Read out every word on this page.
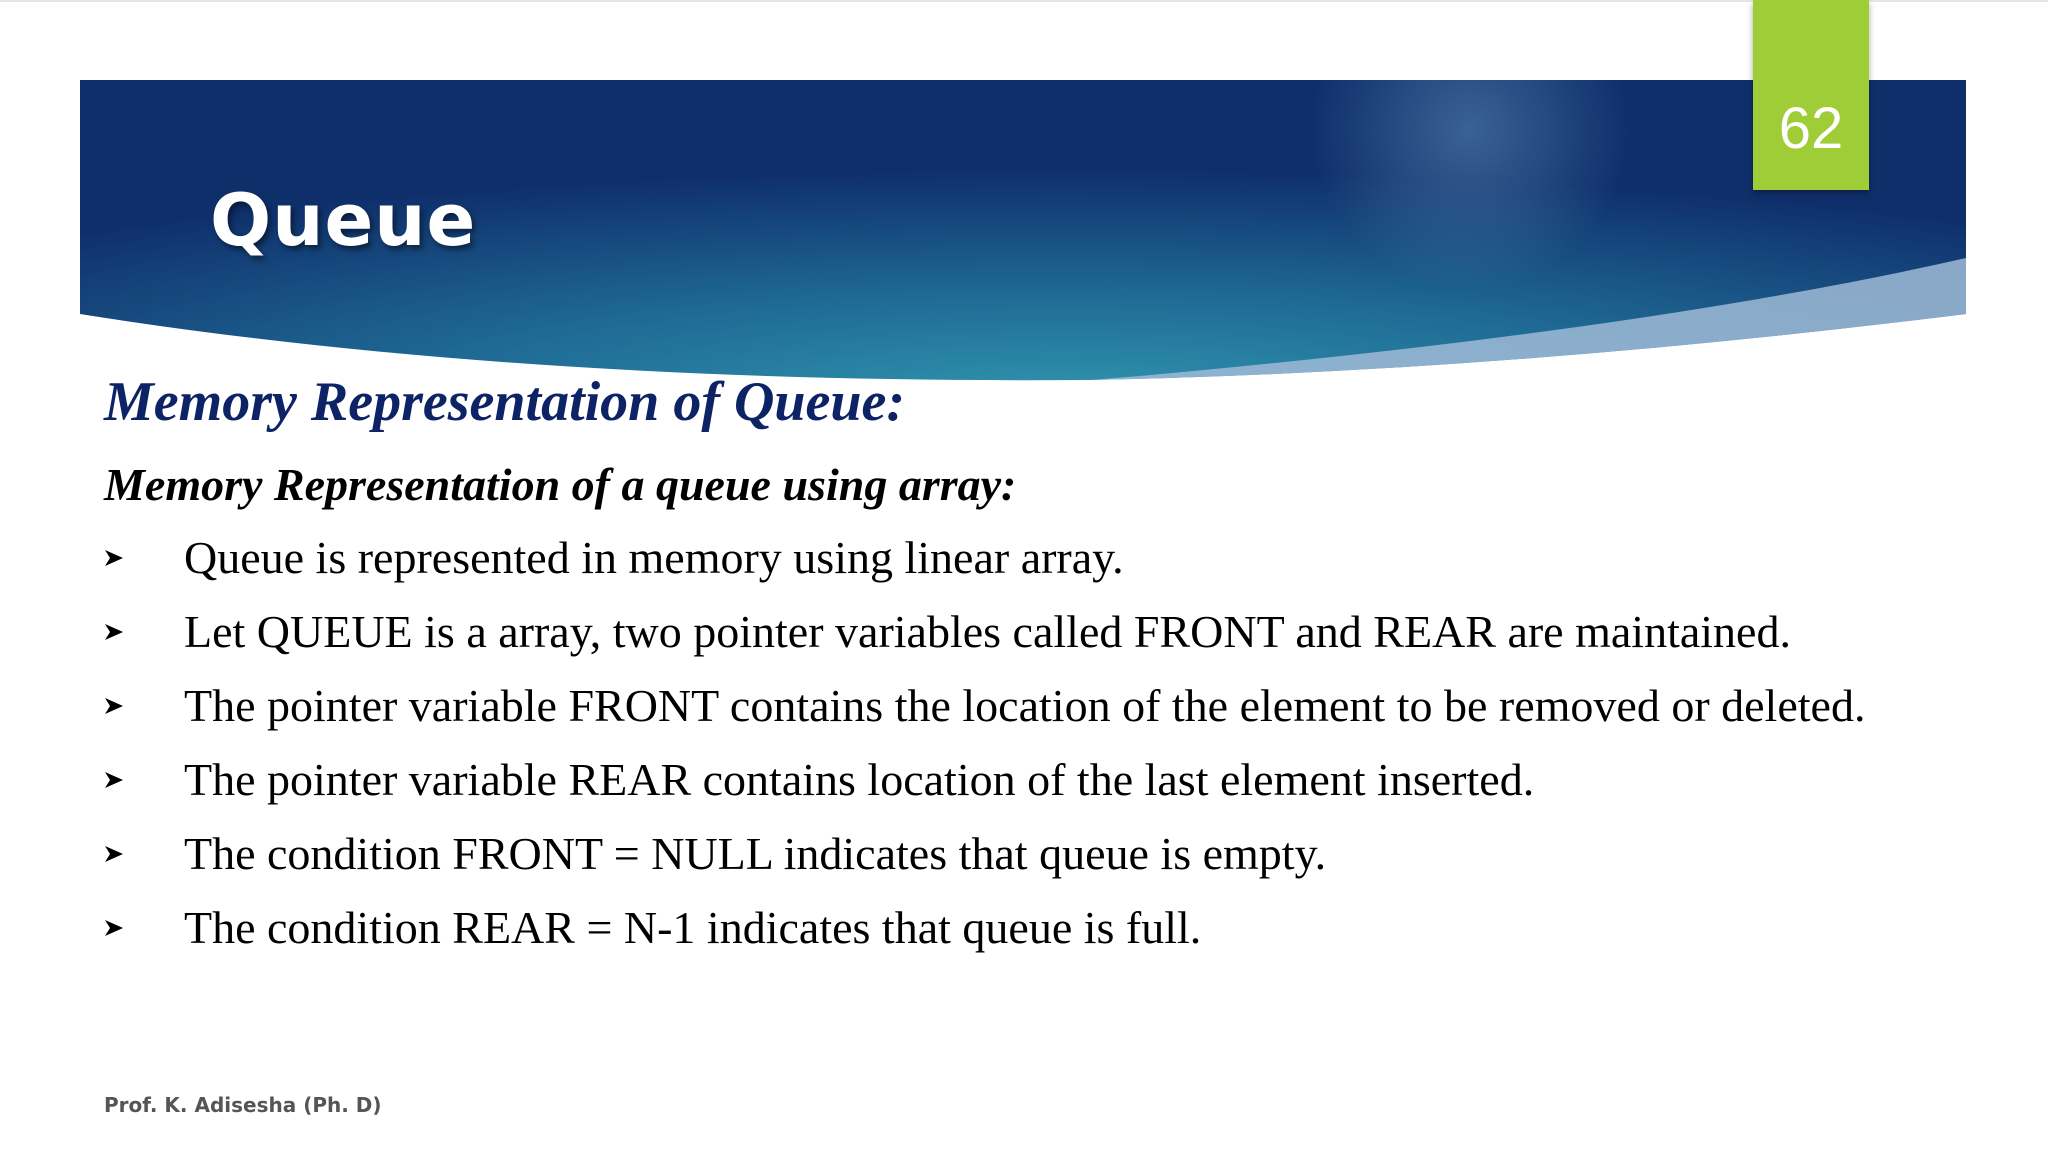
Queue
62
Memory Representation of Queue:
Memory Representation of a queue using array:
Queue is represented in memory using linear array.
Let QUEUE is a array, two pointer variables called FRONT and REAR are maintained.
The pointer variable FRONT contains the location of the element to be removed or deleted.
The pointer variable REAR contains location of the last element inserted.
The condition FRONT = NULL indicates that queue is empty.
The condition REAR = N-1 indicates that queue is full.
Prof. K. Adisesha (Ph. D)
